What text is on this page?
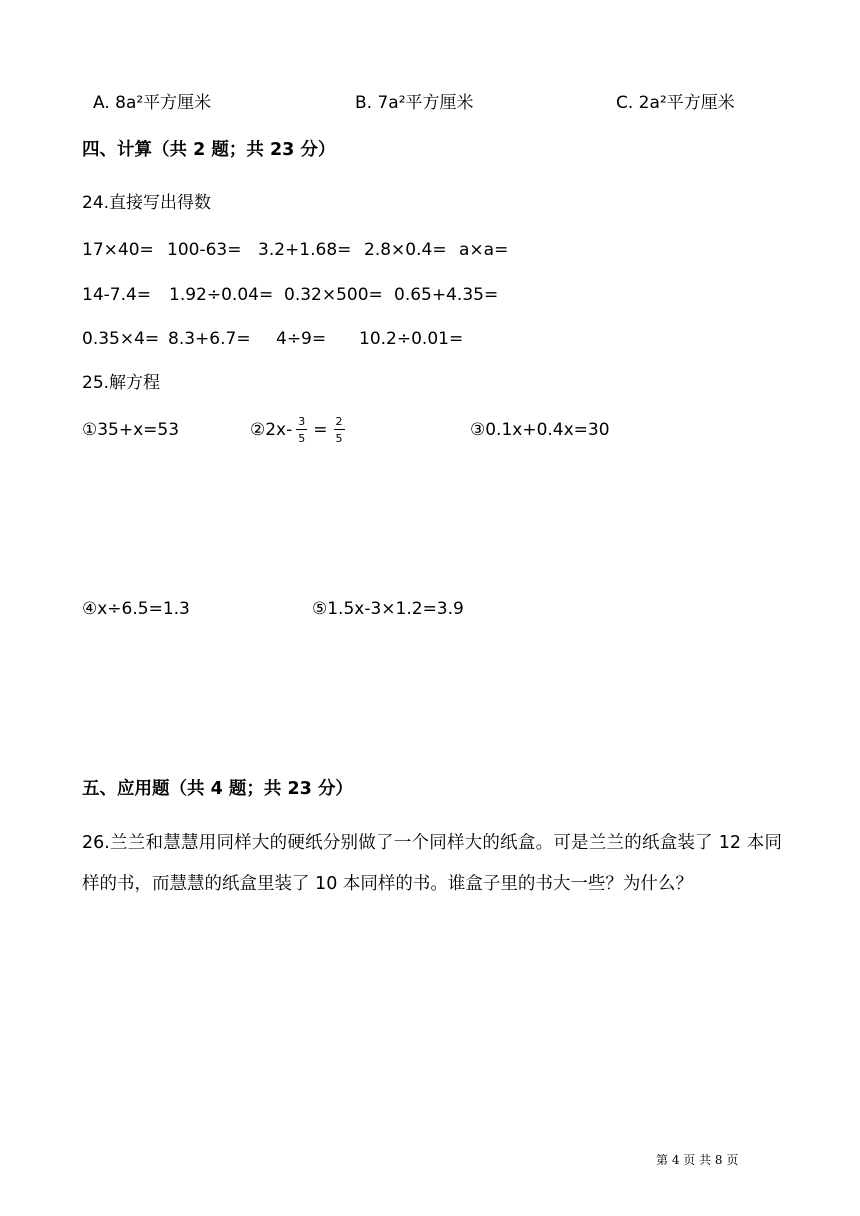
A. 8a²平方厘米	B. 7a²平方厘米	C. 2a²平方厘米
四、计算（共 2 题；共 23 分）
24.直接写出得数
17×40= 100-63= 3.2+1.68= 2.8×0.4= a×a=
14-7.4= 1.92÷0.04= 0.32×500= 0.65+4.35=
0.35×4= 8.3+6.7= 4÷9= 10.2÷0.01=
25.解方程
①35+x=53	②2x- $\frac{3}{5} = \frac{2}{5}$	③0.1x+0.4x=30
④x÷6.5=1.3	⑤1.5x-3×1.2=3.9
五、应用题（共 4 题；共 23 分）
26.兰兰和慧慧用同样大的硬纸分别做了一个同样大的纸盒。可是兰兰的纸盒装了 12 本同样的书，而慧慧的纸盒里装了 10 本同样的书。谁盒子里的书大一些？为什么？
第 4 页 共 8 页
